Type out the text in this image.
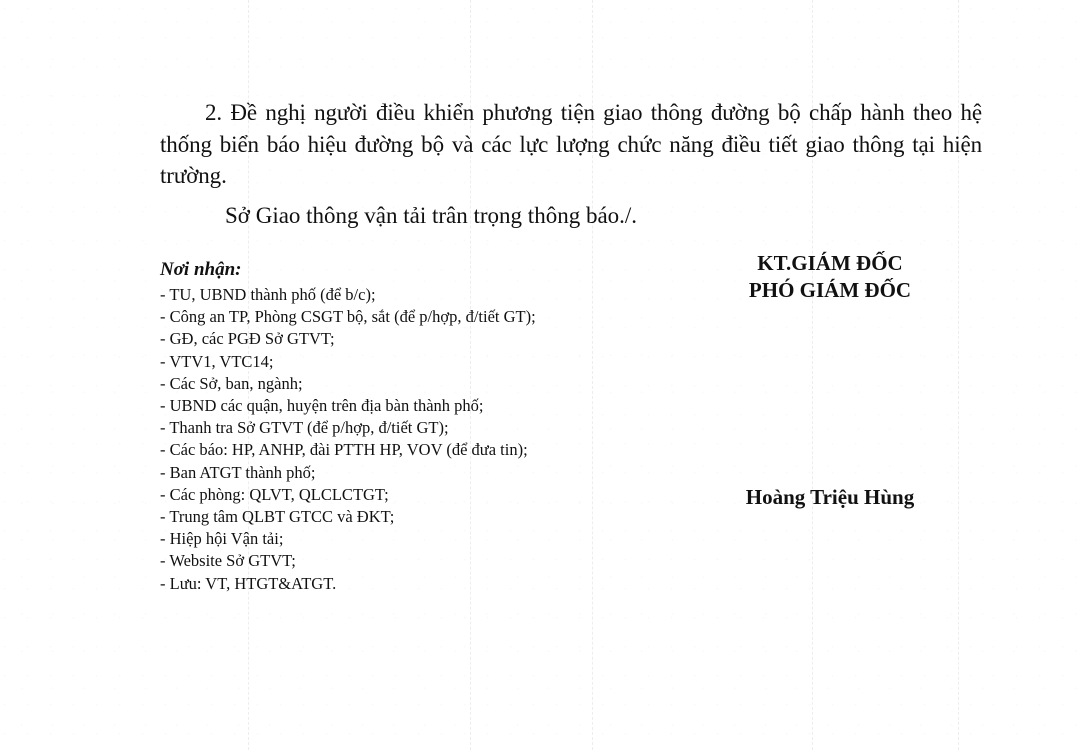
2. Đề nghị người điều khiển phương tiện giao thông đường bộ chấp hành theo hệ thống biển báo hiệu đường bộ và các lực lượng chức năng điều tiết giao thông tại hiện trường.

Sở Giao thông vận tải trân trọng thông báo./.

Nơi nhận:

- TU, UBND thành phố (để b/c);
- Công an TP, Phòng CSGT bộ, sắt (để p/hợp, đ/tiết GT);
- GĐ, các PGĐ Sở GTVT;
- VTV1, VTC14;
- Các Sở, ban, ngành;
- UBND các quận, huyện trên địa bàn thành phố;
- Thanh tra Sở GTVT (để p/hợp, đ/tiết GT);
- Các báo: HP, ANHP, đài PTTH HP, VOV (để đưa tin);
- Ban ATGT thành phố;
- Các phòng: QLVT, QLCLCTGT;
- Trung tâm QLBT GTCC và ĐKT;
- Hiệp hội Vận tải;
- Website Sở GTVT;
- Lưu: VT, HTGT&ATGT.

KT.GIÁM ĐỐC

PHÓ GIÁM ĐỐC

Hoàng Triệu Hùng
